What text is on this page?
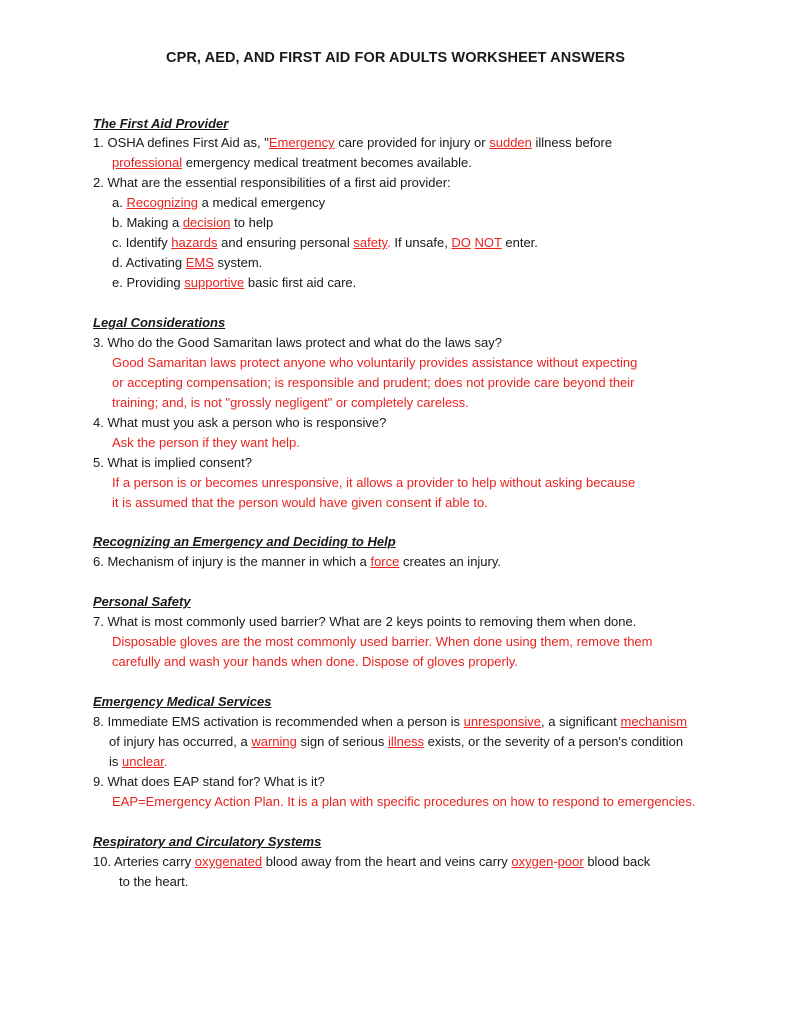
CPR, AED, AND FIRST AID FOR ADULTS WORKSHEET ANSWERS
The First Aid Provider
1. OSHA defines First Aid as, "Emergency care provided for injury or sudden illness before
professional emergency medical treatment becomes available.
2. What are the essential responsibilities of a first aid provider:
a. Recognizing a medical emergency
b. Making a decision to help
c. Identify hazards and ensuring personal safety. If unsafe, DO NOT enter.
d. Activating EMS system.
e. Providing supportive basic first aid care.
Legal Considerations
3. Who do the Good Samaritan laws protect and what do the laws say?
Good Samaritan laws protect anyone who voluntarily provides assistance without expecting
or accepting compensation; is responsible and prudent; does not provide care beyond their
training; and, is not "grossly negligent" or completely careless.
4. What must you ask a person who is responsive?
Ask the person if they want help.
5. What is implied consent?
If a person is or becomes unresponsive, it allows a provider to help without asking because
it is assumed that the person would have given consent if able to.
Recognizing an Emergency and Deciding to Help
6. Mechanism of injury is the manner in which a force creates an injury.
Personal Safety
7. What is most commonly used barrier? What are 2 keys points to removing them when done.
Disposable gloves are the most commonly used barrier. When done using them, remove them
carefully and wash your hands when done. Dispose of gloves properly.
Emergency Medical Services
8. Immediate EMS activation is recommended when a person is unresponsive, a significant mechanism
of injury has occurred, a warning sign of serious illness exists, or the severity of a person's condition
is unclear.
9. What does EAP stand for? What is it?
EAP=Emergency Action Plan. It is a plan with specific procedures on how to respond to emergencies.
Respiratory and Circulatory Systems
10. Arteries carry oxygenated blood away from the heart and veins carry oxygen-poor blood back
to the heart.
